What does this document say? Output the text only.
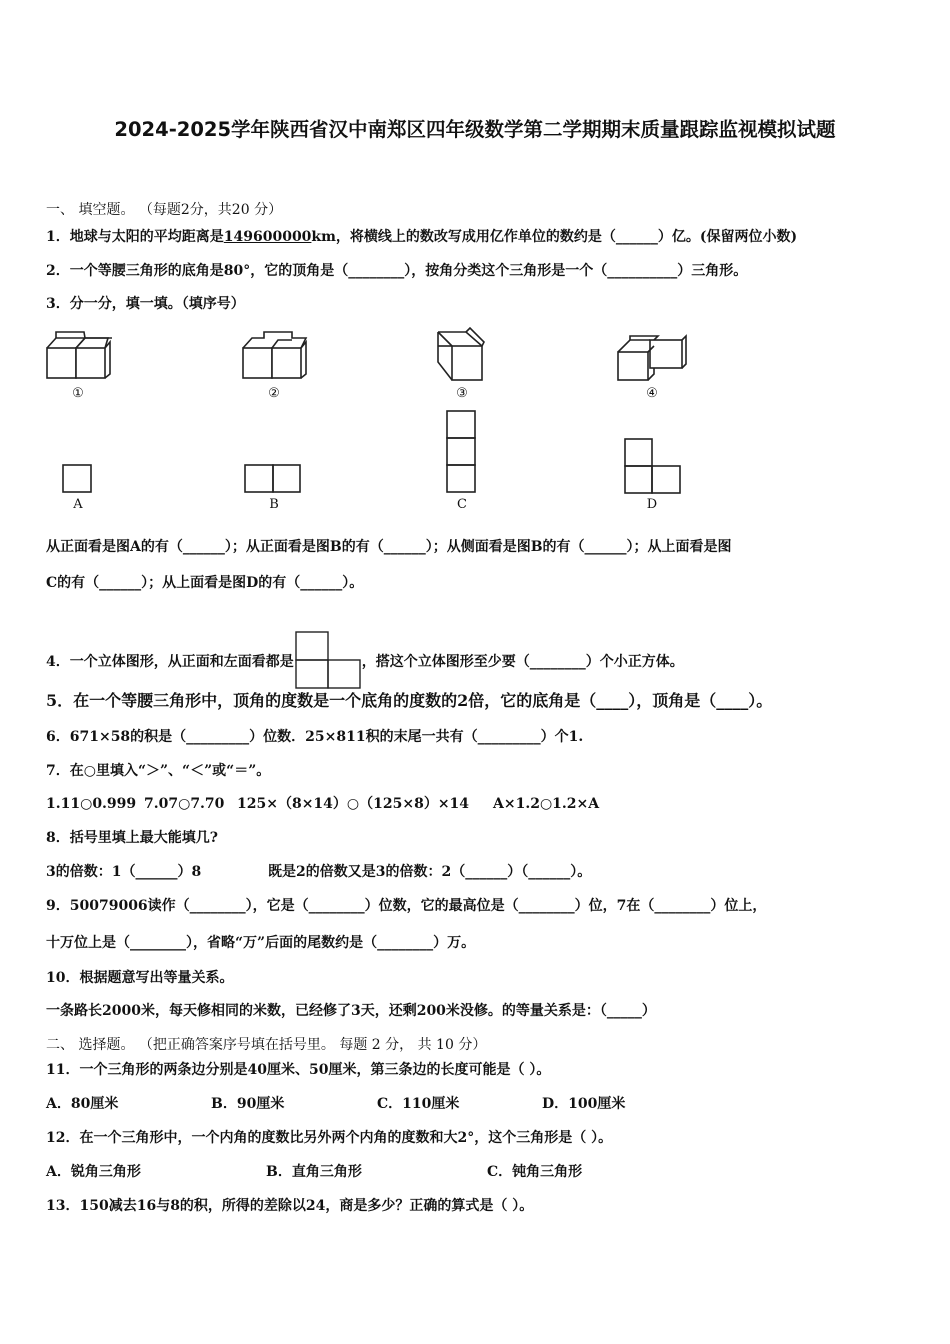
2024-2025学年陕西省汉中南郑区四年级数学第二学期期末质量跟踪监视模拟试题
一、 填空题。 （每题2分，共20 分）
1．地球与太阳的平均距离是149600000km，将横线上的数改写成用亿作单位的数约是（______）亿。(保留两位小数)
2．一个等腰三角形的底角是80°，它的顶角是（________），按角分类这个三角形是一个（__________）三角形。
3．分一分，填一填。（填序号）
①	②	③	④
A	B	C	D
从正面看是图A的有（______）；从正面看是图B的有（______）；从侧面看是图B的有（______）；从上面看是图
C的有（______）；从上面看是图D的有（______）。
4．一个立体图形，从正面和左面看都是	，搭这个立体图形至少要（________）个小正方体。
5．在一个等腰三角形中，顶角的度数是一个底角的度数的2倍，它的底角是（____），顶角是（____）。
6．671×58的积是（_________）位数．25×811积的末尾一共有（_________）个1.
7．在○里填入“＞”、“＜”或“＝”。
1.11○0.999 7.07○7.70 125×（8×14）○（125×8）×14 A×1.2○1.2×A
8．括号里填上最大能填几?
3的倍数：1（______）8	既是2的倍数又是3的倍数：2（______）（______）。
9．50079006读作（________），它是（________）位数，它的最高位是（________）位，7在（________）位上，
十万位上是（________），省略“万”后面的尾数约是（________）万。
10．根据题意写出等量关系。
一条路长2000米，每天修相同的米数，已经修了3天，还剩200米没修。的等量关系是：（_____）
二、 选择题。 （把正确答案序号填在括号里。 每题 2 分， 共 10 分）
11．一个三角形的两条边分别是40厘米、50厘米，第三条边的长度可能是（ ）。
A．80厘米	B．90厘米	C．110厘米	D．100厘米
12．在一个三角形中，一个内角的度数比另外两个内角的度数和大2°，这个三角形是（ ）。
A．锐角三角形	B．直角三角形	C．钝角三角形
13．150减去16与8的积，所得的差除以24，商是多少？正确的算式是（ ）。
